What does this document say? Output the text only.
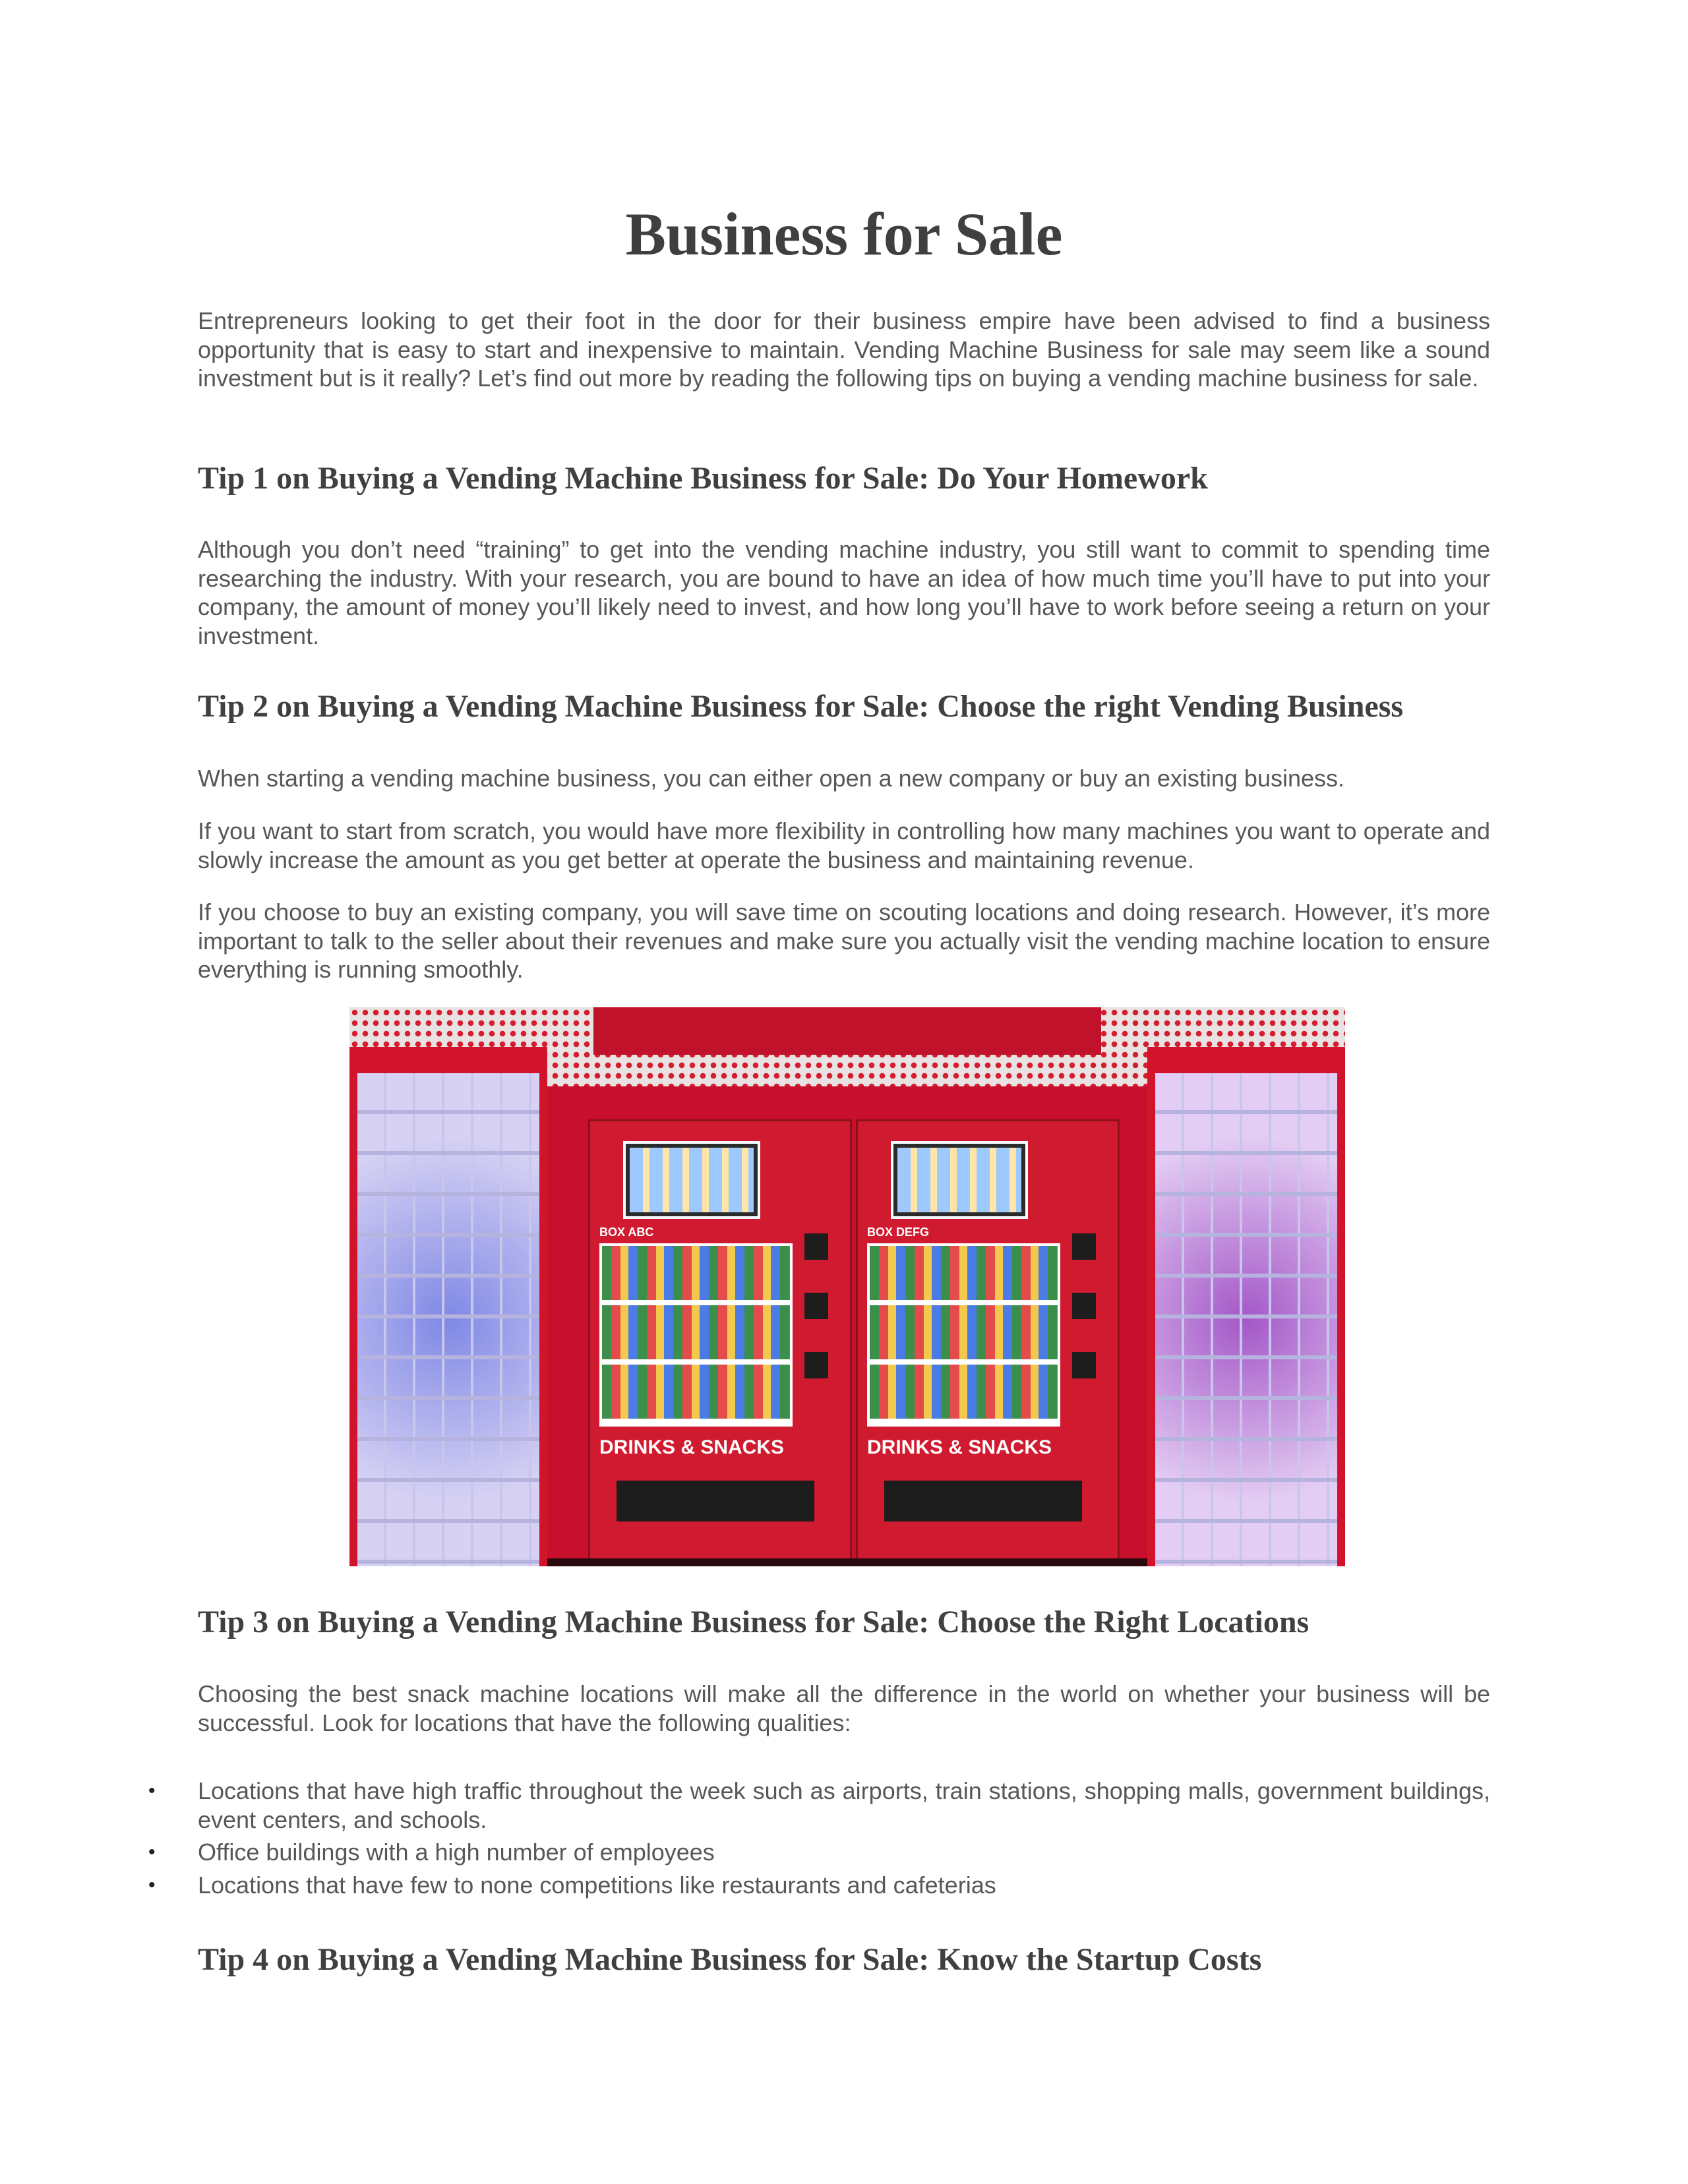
Business for Sale

Entrepreneurs looking to get their foot in the door for their business empire have been advised to find a business opportunity that is easy to start and inexpensive to maintain. Vending Machine Business for sale may seem like a sound investment but is it really? Let’s find out more by reading the following tips on buying a vending machine business for sale.

Tip 1 on Buying a Vending Machine Business for Sale: Do Your Homework

Although you don’t need “training” to get into the vending machine industry, you still want to commit to spending time researching the industry. With your research, you are bound to have an idea of how much time you’ll have to put into your company, the amount of money you’ll likely need to invest, and how long you’ll have to work before seeing a return on your investment.

Tip 2 on Buying a Vending Machine Business for Sale: Choose the right Vending Business

When starting a vending machine business, you can either open a new company or buy an existing business.

If you want to start from scratch, you would have more flexibility in controlling how many machines you want to operate and slowly increase the amount as you get better at operate the business and maintaining revenue.

If you choose to buy an existing company, you will save time on scouting locations and doing research. However, it’s more important to talk to the seller about their revenues and make sure you actually visit the vending machine location to ensure everything is running smoothly.

Tip 3 on Buying a Vending Machine Business for Sale: Choose the Right Locations

Choosing the best snack machine locations will make all the difference in the world on whether your business will be successful. Look for locations that have the following qualities:

• Locations that have high traffic throughout the week such as airports, train stations, shopping malls, government buildings, event centers, and schools.
• Office buildings with a high number of employees
• Locations that have few to none competitions like restaurants and cafeterias
Tip 4 on Buying a Vending Machine Business for Sale: Know the Startup Costs
BOX ABC
DRINKS & SNACKS
BOX DEFG
DRINKS & SNACKS
